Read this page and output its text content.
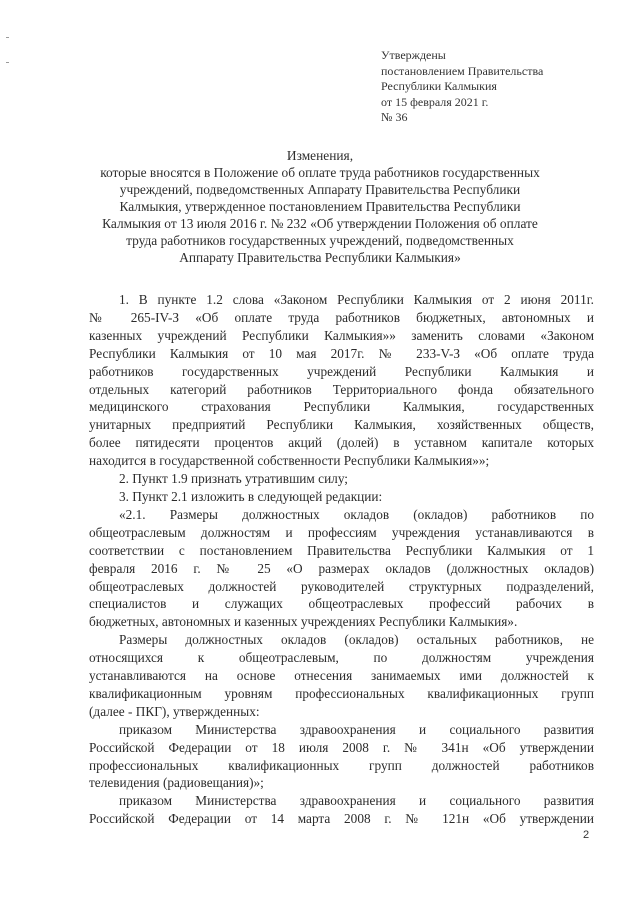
Утверждены
постановлением Правительства
Республики Калмыкия
от 15 февраля 2021 г.
№ 36
Изменения,
которые вносятся в Положение об оплате труда работников государственных
учреждений, подведомственных Аппарату Правительства Республики
Калмыкия, утвержденное постановлением Правительства Республики
Калмыкия от 13 июля 2016 г. № 232 «Об утверждении Положения об оплате
труда работников государственных учреждений, подведомственных
Аппарату Правительства Республики Калмыкия»
1. В пункте 1.2 слова «Законом Республики Калмыкия от 2 июня 2011г.
№ 265-IV-З «Об оплате труда работников бюджетных, автономных и
казенных учреждений Республики Калмыкия»» заменить словами «Законом
Республики Калмыкия от 10 мая 2017г. № 233-V-З «Об оплате труда
работников государственных учреждений Республики Калмыкия и
отдельных категорий работников Территориального фонда обязательного
медицинского страхования Республики Калмыкия, государственных
унитарных предприятий Республики Калмыкия, хозяйственных обществ,
более пятидесяти процентов акций (долей) в уставном капитале которых
находится в государственной собственности Республики Калмыкия»»;
2. Пункт 1.9 признать утратившим силу;
3. Пункт 2.1 изложить в следующей редакции:
«2.1. Размеры должностных окладов (окладов) работников по
общеотраслевым должностям и профессиям учреждения устанавливаются в
соответствии с постановлением Правительства Республики Калмыкия от 1
февраля 2016 г. № 25 «О размерах окладов (должностных окладов)
общеотраслевых должностей руководителей структурных подразделений,
специалистов и служащих общеотраслевых профессий рабочих в
бюджетных, автономных и казенных учреждениях Республики Калмыкия».
Размеры должностных окладов (окладов) остальных работников, не
относящихся к общеотраслевым, по должностям учреждения
устанавливаются на основе отнесения занимаемых ими должностей к
квалификационным уровням профессиональных квалификационных групп
(далее - ПКГ), утвержденных:
приказом Министерства здравоохранения и социального развития
Российской Федерации от 18 июля 2008 г. № 341н «Об утверждении
профессиональных квалификационных групп должностей работников
телевидения (радиовещания)»;
приказом Министерства здравоохранения и социального развития
Российской Федерации от 14 марта 2008 г. № 121н «Об утверждении
2
